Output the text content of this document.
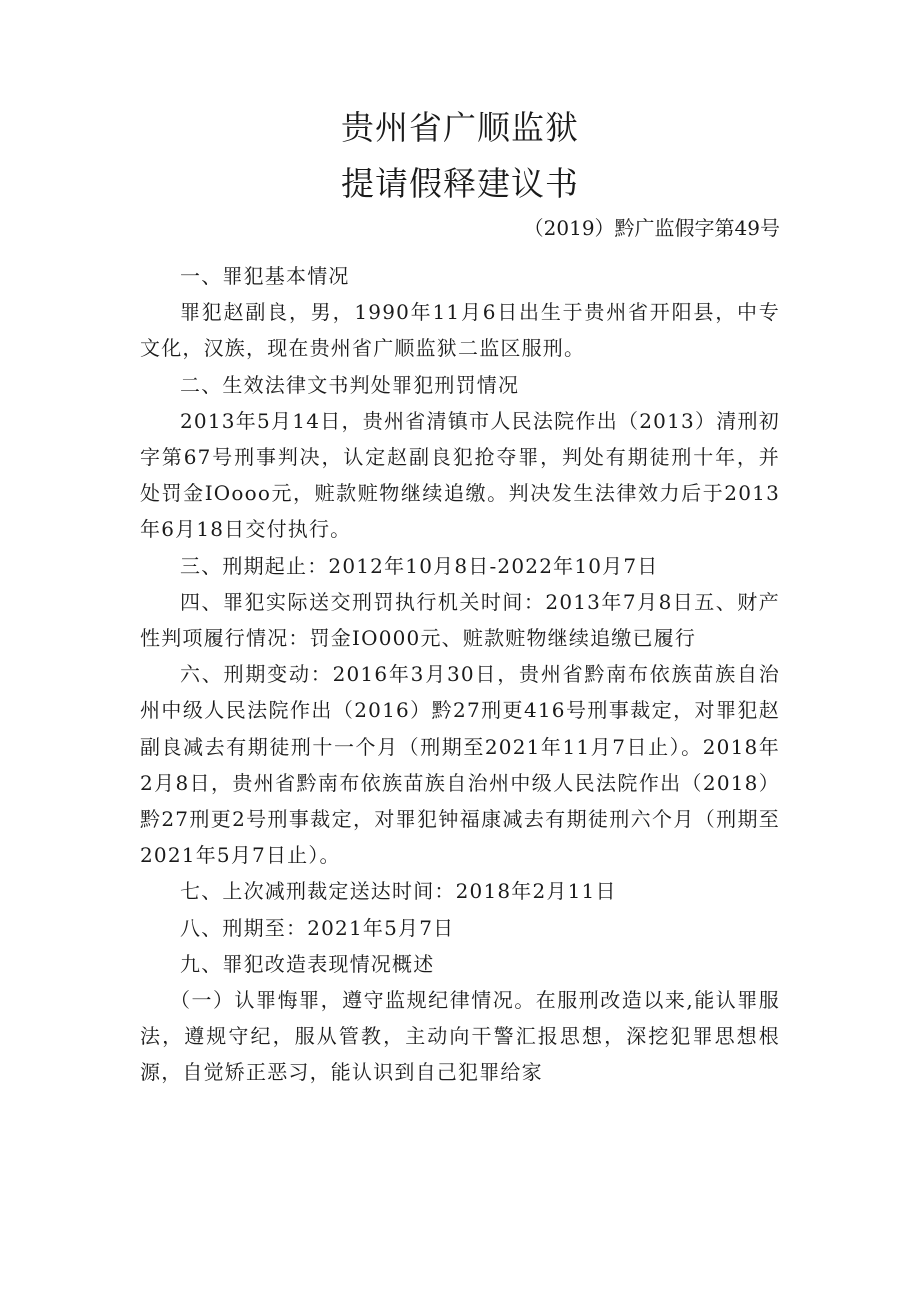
贵州省广顺监狱
提请假释建议书
（2019）黔广监假字第49号

一、罪犯基本情况

罪犯赵副良，男，1990年11月6日出生于贵州省开阳县，中专文化，汉族，现在贵州省广顺监狱二监区服刑。

二、生效法律文书判处罪犯刑罚情况

2013年5月14日，贵州省清镇市人民法院作出（2013）清刑初字第67号刑事判决，认定赵副良犯抢夺罪，判处有期徒刑十年，并处罚金IOooo元，赃款赃物继续追缴。判决发生法律效力后于2013年6月18日交付执行。

三、刑期起止：2012年10月8日-2022年10月7日

四、罪犯实际送交刑罚执行机关时间：2013年7月8日五、财产性判项履行情况：罚金IO000元、赃款赃物继续追缴已履行

六、刑期变动：2016年3月30日，贵州省黔南布依族苗族自治州中级人民法院作出（2016）黔27刑更416号刑事裁定，对罪犯赵副良减去有期徒刑十一个月（刑期至2021年11月7日止）。2018年2月8日，贵州省黔南布依族苗族自治州中级人民法院作出（2018）黔27刑更2号刑事裁定，对罪犯钟福康减去有期徒刑六个月（刑期至2021年5月7日止）。

七、上次减刑裁定送达时间：2018年2月11日

八、刑期至：2021年5月7日

九、罪犯改造表现情况概述

（一）认罪悔罪，遵守监规纪律情况。在服刑改造以来,能认罪服法，遵规守纪，服从管教，主动向干警汇报思想，深挖犯罪思想根源，自觉矫正恶习，能认识到自己犯罪给家
